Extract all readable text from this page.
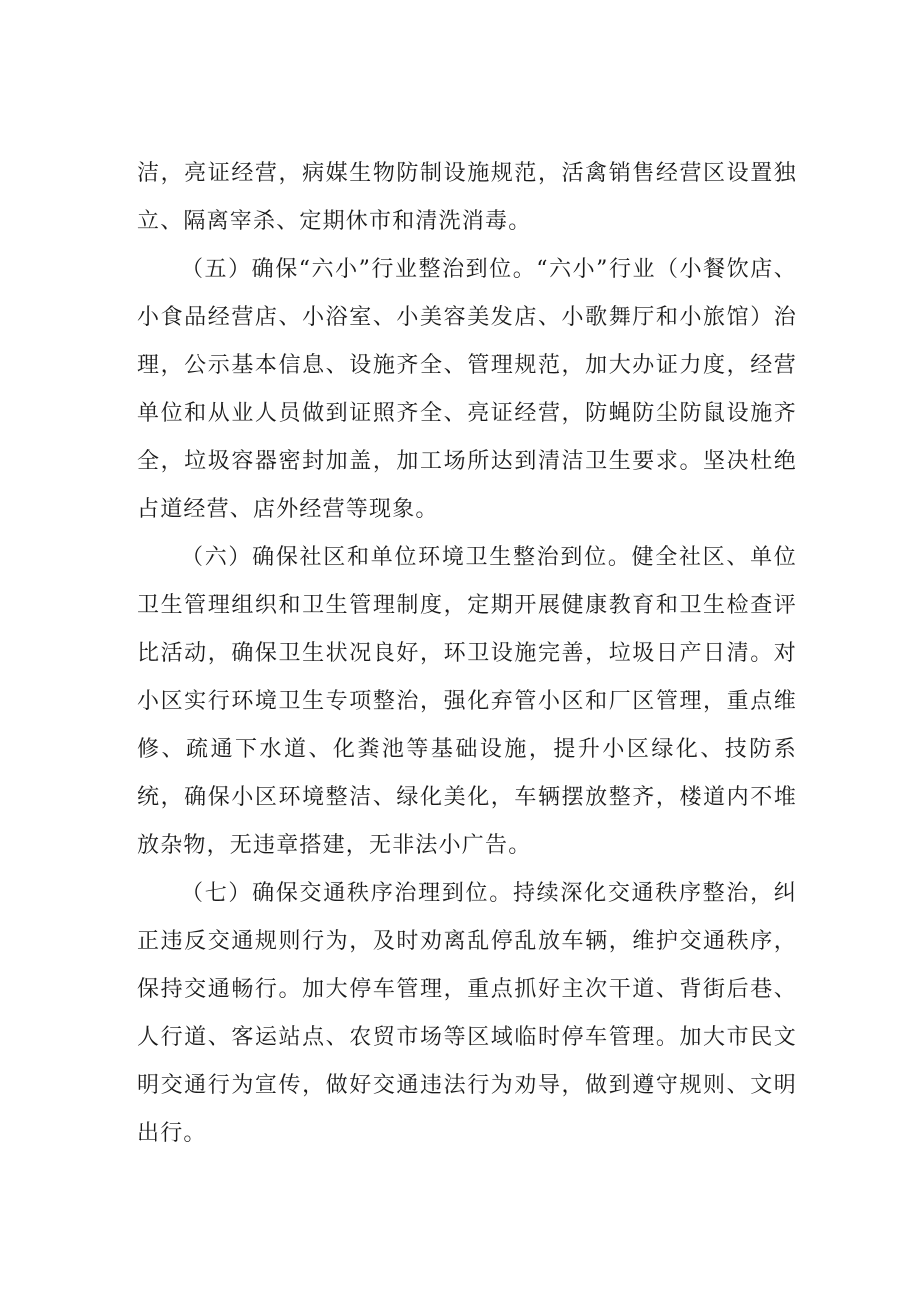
洁，亮证经营，病媒生物防制设施规范，活禽销售经营区设置独立、隔离宰杀、定期休市和清洗消毒。

（五）确保“六小”行业整治到位。“六小”行业（小餐饮店、小食品经营店、小浴室、小美容美发店、小歌舞厅和小旅馆）治理，公示基本信息、设施齐全、管理规范，加大办证力度，经营单位和从业人员做到证照齐全、亮证经营，防蝇防尘防鼠设施齐全，垃圾容器密封加盖，加工场所达到清洁卫生要求。坚决杜绝占道经营、店外经营等现象。

（六）确保社区和单位环境卫生整治到位。健全社区、单位卫生管理组织和卫生管理制度，定期开展健康教育和卫生检查评比活动，确保卫生状况良好，环卫设施完善，垃圾日产日清。对小区实行环境卫生专项整治，强化弃管小区和厂区管理，重点维修、疏通下水道、化粪池等基础设施，提升小区绿化、技防系统，确保小区环境整洁、绿化美化，车辆摆放整齐，楼道内不堆放杂物，无违章搭建，无非法小广告。

（七）确保交通秩序治理到位。持续深化交通秩序整治，纠正违反交通规则行为，及时劝离乱停乱放车辆，维护交通秩序，保持交通畅行。加大停车管理，重点抓好主次干道、背街后巷、人行道、客运站点、农贸市场等区域临时停车管理。加大市民文明交通行为宣传，做好交通违法行为劝导，做到遵守规则、文明出行。
